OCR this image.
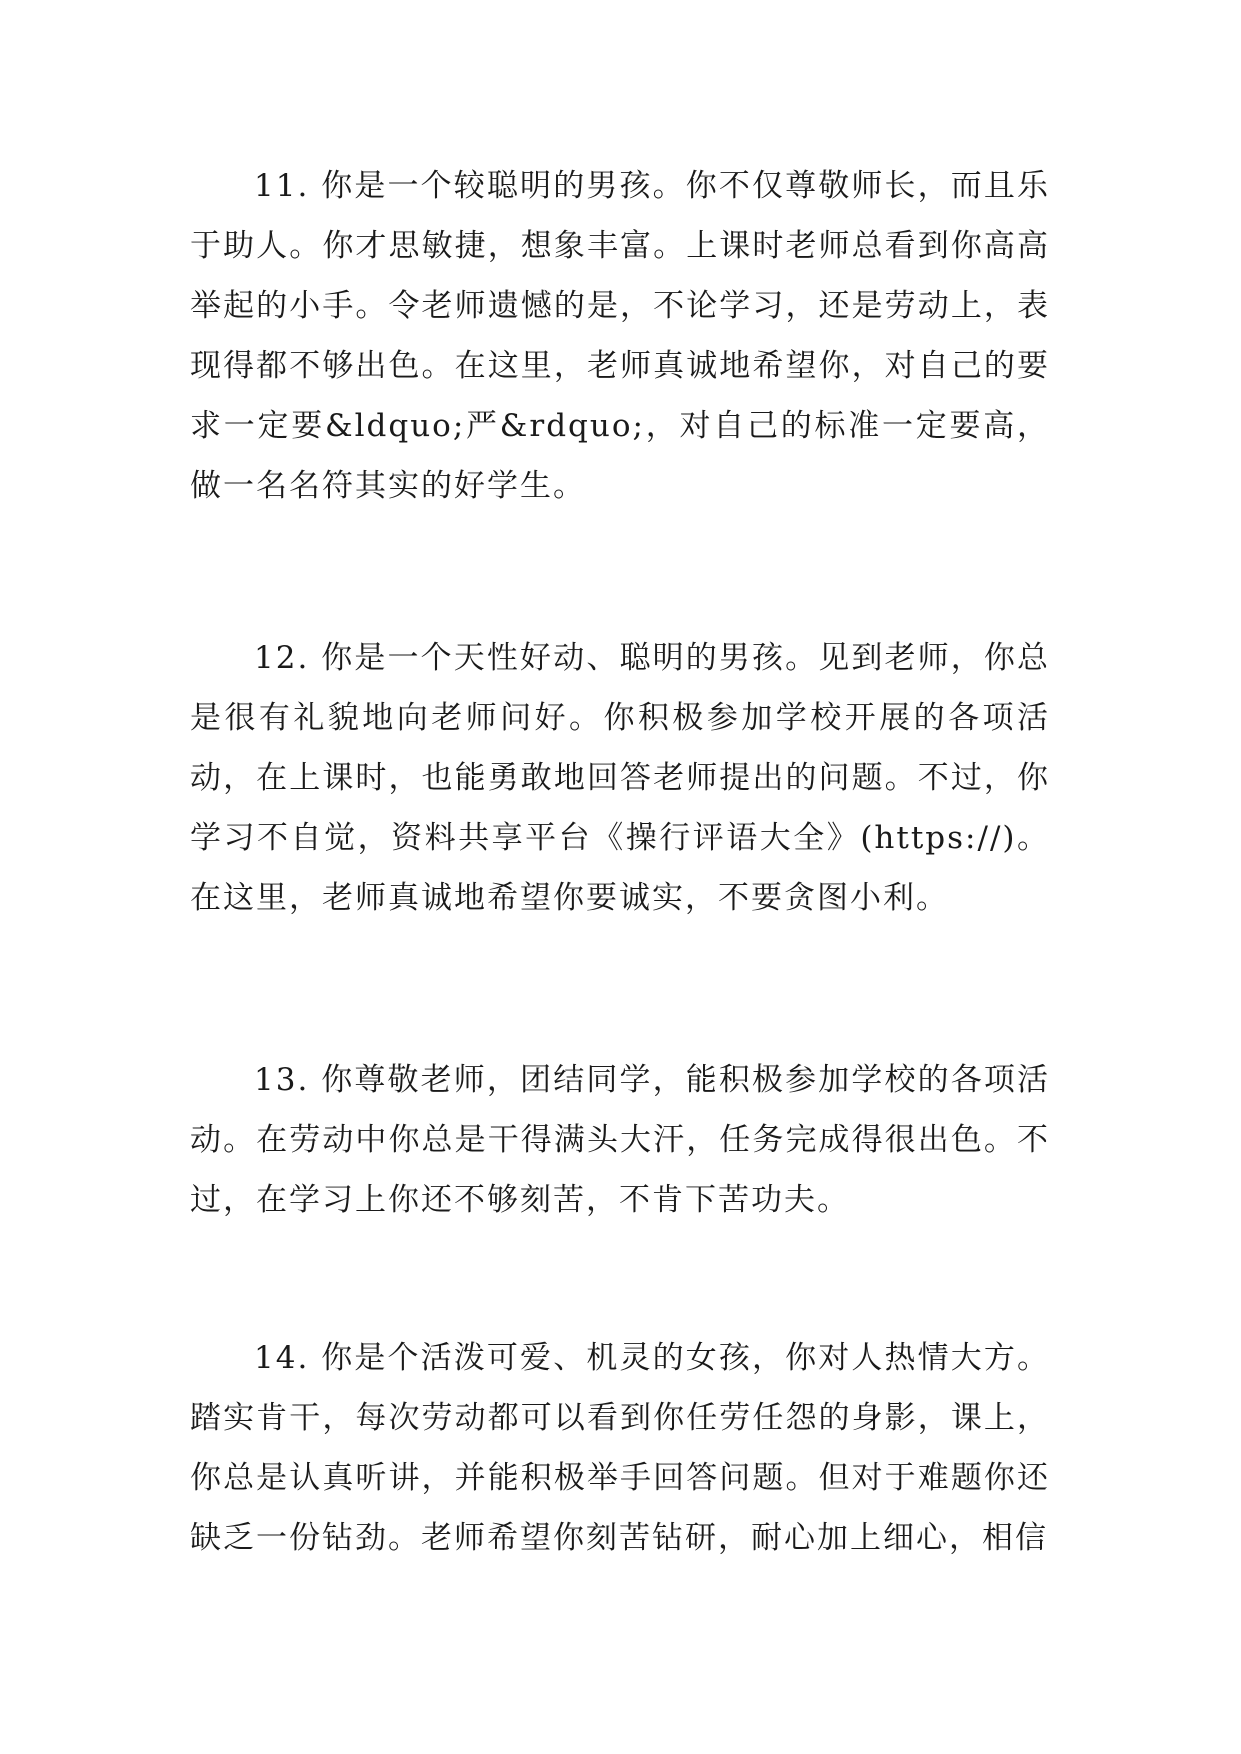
11. 你是一个较聪明的男孩。你不仅尊敬师长，而且乐于助人。你才思敏捷，想象丰富。上课时老师总看到你高高举起的小手。令老师遗憾的是，不论学习，还是劳动上，表现得都不够出色。在这里，老师真诚地希望你，对自己的要求一定要&ldquo;严&rdquo;，对自己的标准一定要高，做一名名符其实的好学生。

12. 你是一个天性好动、聪明的男孩。见到老师，你总是很有礼貌地向老师问好。你积极参加学校开展的各项活动，在上课时，也能勇敢地回答老师提出的问题。不过，你学习不自觉，资料共享平台《操行评语大全》(https://)。在这里，老师真诚地希望你要诚实，不要贪图小利。

13. 你尊敬老师，团结同学，能积极参加学校的各项活动。在劳动中你总是干得满头大汗，任务完成得很出色。不过，在学习上你还不够刻苦，不肯下苦功夫。

14. 你是个活泼可爱、机灵的女孩，你对人热情大方。踏实肯干，每次劳动都可以看到你任劳任怨的身影，课上，你总是认真听讲，并能积极举手回答问题。但对于难题你还缺乏一份钻劲。老师希望你刻苦钻研，耐心加上细心，相信
